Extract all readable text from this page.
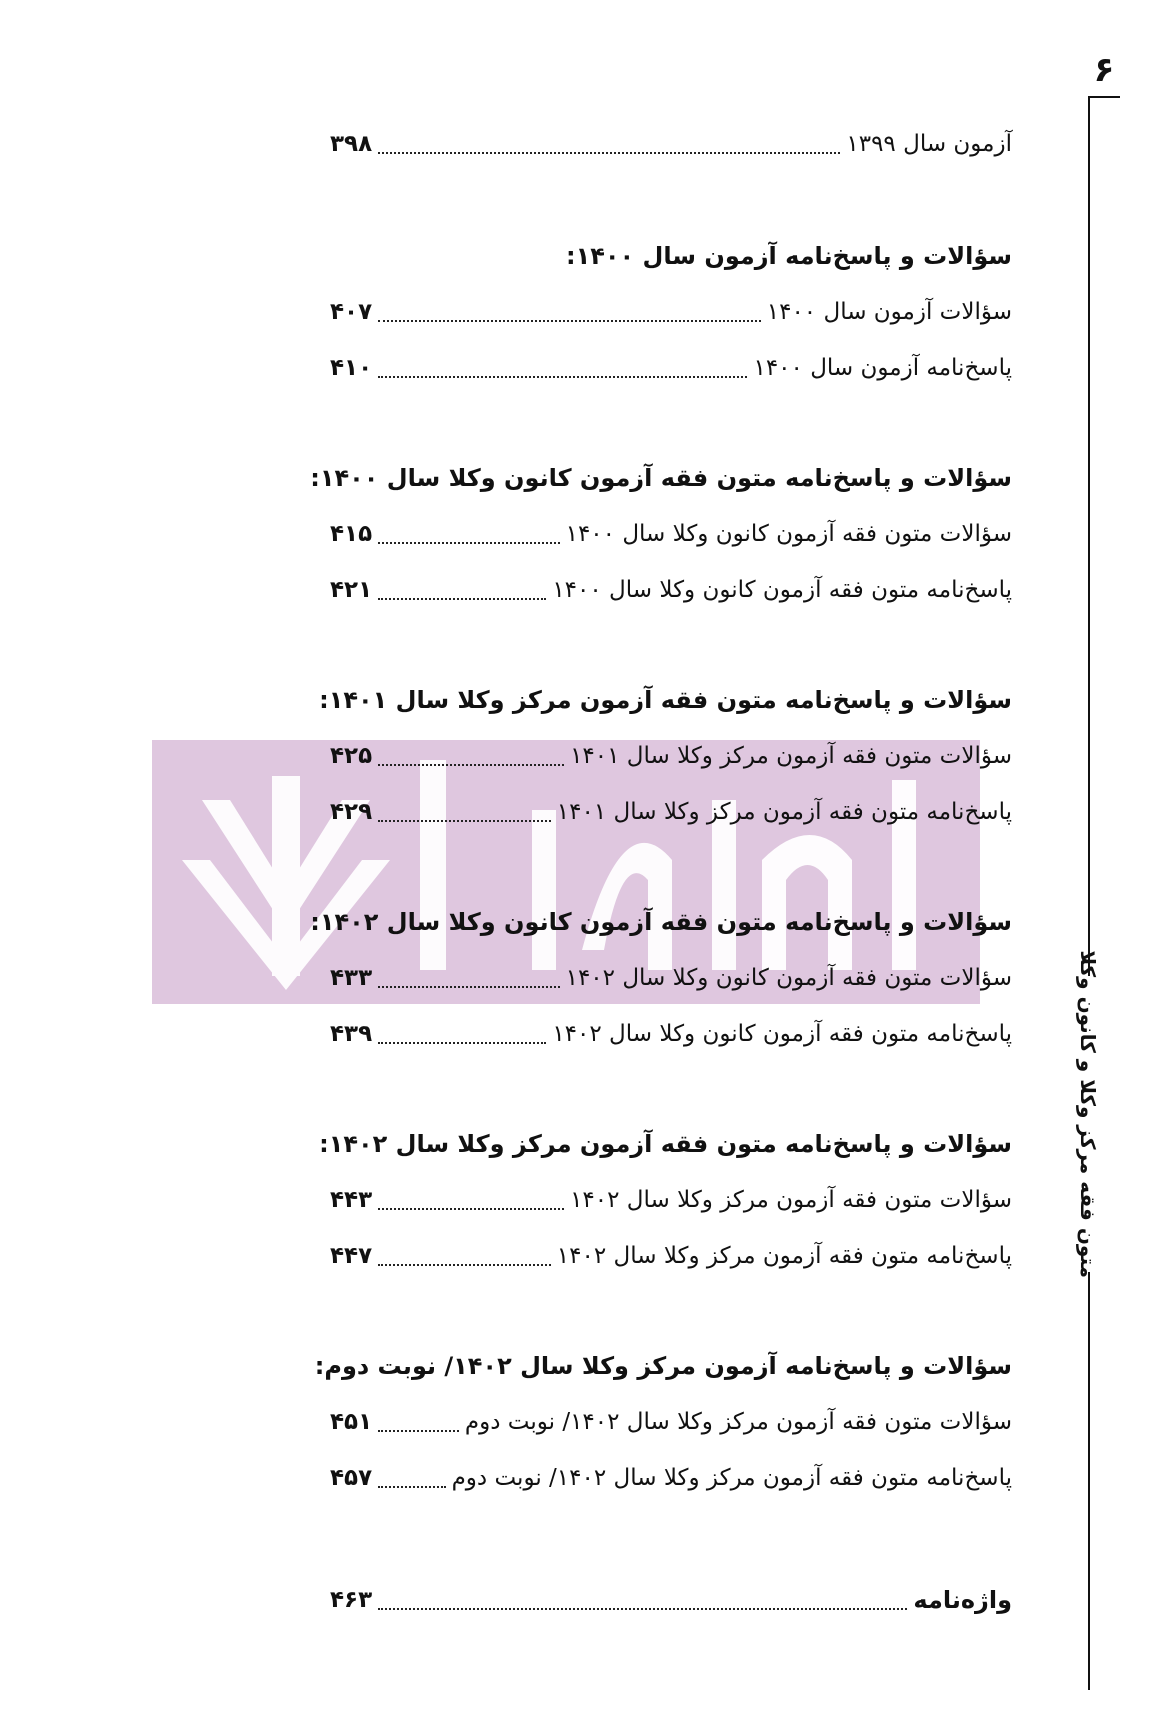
۶
متون فقه مرکز وکلا و کانون وکلا
آزمون سال ۱۳۹۹
۳۹۸
سؤالات و پاسخ‌نامه آزمون سال ۱۴۰۰:
سؤالات آزمون سال ۱۴۰۰
۴۰۷
پاسخ‌نامه آزمون سال ۱۴۰۰
۴۱۰
سؤالات و پاسخ‌نامه متون فقه آزمون کانون وکلا سال ۱۴۰۰:
سؤالات متون فقه آزمون کانون وکلا سال ۱۴۰۰
۴۱۵
پاسخ‌نامه متون فقه آزمون کانون وکلا سال ۱۴۰۰
۴۲۱
سؤالات و پاسخ‌نامه متون فقه آزمون مرکز وکلا سال ۱۴۰۱:
سؤالات متون فقه آزمون مرکز وکلا سال ۱۴۰۱
۴۲۵
پاسخ‌نامه متون فقه آزمون مرکز وکلا سال ۱۴۰۱
۴۲۹
سؤالات و پاسخ‌نامه متون فقه آزمون کانون وکلا سال ۱۴۰۲:
سؤالات متون فقه آزمون کانون وکلا سال ۱۴۰۲
۴۳۳
پاسخ‌نامه متون فقه آزمون کانون وکلا سال ۱۴۰۲
۴۳۹
سؤالات و پاسخ‌نامه متون فقه آزمون مرکز وکلا سال ۱۴۰۲:
سؤالات متون فقه آزمون مرکز وکلا سال ۱۴۰۲
۴۴۳
پاسخ‌نامه متون فقه آزمون مرکز وکلا سال ۱۴۰۲
۴۴۷
سؤالات و پاسخ‌نامه آزمون مرکز وکلا سال ۱۴۰۲/ نوبت دوم:
سؤالات متون فقه آزمون مرکز وکلا سال ۱۴۰۲/ نوبت دوم
۴۵۱
پاسخ‌نامه متون فقه آزمون مرکز وکلا سال ۱۴۰۲/ نوبت دوم
۴۵۷
واژه‌نامه
۴۶۳
